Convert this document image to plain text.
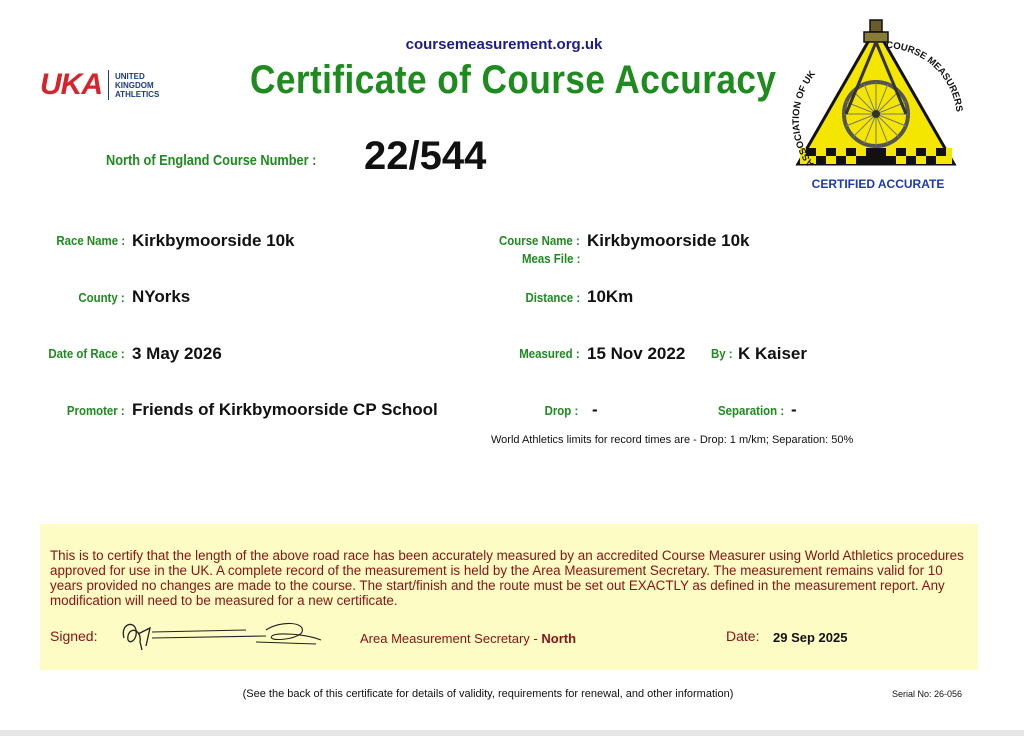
coursemeasurement.org.uk
UKA UNITED
KINGDOM
ATHLETICS Certificate of Course Accuracy
ASSOCIATION OF UK
COURSE MEASURERS
CERTIFIED ACCURATE
North of England Course Number : 22/544
Race Name : Kirkbymoorside 10k
County : NYorks
Date of Race : 3 May 2026
Promoter : Friends of Kirkbymoorside CP School
Course Name : Kirkbymoorside 10k
Meas File :
Distance : 10Km
Measured : 15 Nov 2022 By : K Kaiser
Drop : -	Separation : -
World Athletics limits for record times are - Drop: 1 m/km; Separation: 50%
This is to certify that the length of the above road race has been accurately measured by an accredited Course Measurer using World Athletics procedures approved for use in the UK. A complete record of the measurement is held by the Area Measurement Secretary. The measurement remains valid for 10 years provided no changes are made to the course. The start/finish and the route must be set out EXACTLY as defined in the measurement report. Any modification will need to be measured for a new certificate.
Signed:	Area Measurement Secretary - North	Date: 29 Sep 2025
(See the back of this certificate for details of validity, requirements for renewal, and other information)	Serial No: 26-056
